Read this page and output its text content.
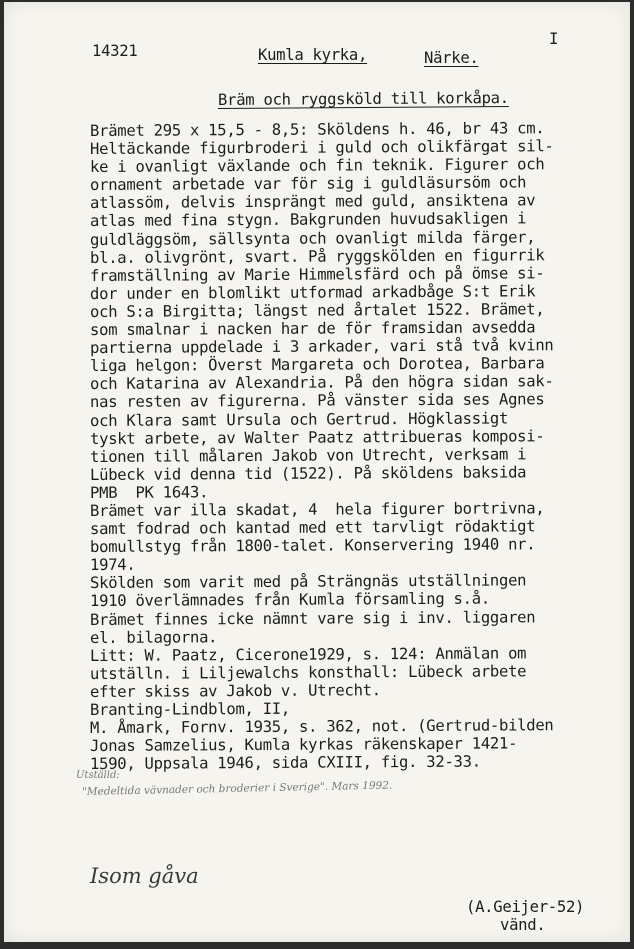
14321

I

Kumla kyrka,	Närke.

Bräm och ryggsköld till korkåpa.

Brämet 295 x 15,5 - 8,5: Sköldens h. 46, br 43 cm.
Heltäckande figurbroderi i guld och olikfärgat sil-
ke i ovanligt växlande och fin teknik. Figurer och
ornament arbetade var för sig i guldläsursöm och
atlassöm, delvis insprängt med guld, ansiktena av
atlas med fina stygn. Bakgrunden huvudsakligen i
guldläggsöm, sällsynta och ovanligt milda färger,
bl.a. olivgrönt, svart. På ryggskölden en figurrik
framställning av Marie Himmelsfärd och på ömse si-
dor under en blomlikt utformad arkadbåge S:t Erik
och S:a Birgitta; längst ned årtalet 1522. Brämet,
som smalnar i nacken har de för framsidan avsedda
partierna uppdelade i 3 arkader, vari stå två kvinn
liga helgon: Överst Margareta och Dorotea, Barbara
och Katarina av Alexandria. På den högra sidan sak-
nas resten av figurerna. På vänster sida ses Agnes
och Klara samt Ursula och Gertrud. Högklassigt
tyskt arbete, av Walter Paatz attribueras komposi-
tionen till målaren Jakob von Utrecht, verksam i
Lübeck vid denna tid (1522). På sköldens baksida
PMB  PK 1643.
Brämet var illa skadat, 4  hela figurer bortrivna,
samt fodrad och kantad med ett tarvligt rödaktigt
bomullstyg från 1800-talet. Konservering 1940 nr.
1974.
Skölden som varit med på Strängnäs utställningen
1910 överlämnades från Kumla församling s.å.
Brämet finnes icke nämnt vare sig i inv. liggaren
el. bilagorna.
Litt: W. Paatz, Cicerone1929, s. 124: Anmälan om
utställn. i Liljewalchs konsthall: Lübeck arbete
efter skiss av Jakob v. Utrecht.
Branting-Lindblom, II,
M. Åmark, Fornv. 1935, s. 362, not. (Gertrud-bilden
Jonas Samzelius, Kumla kyrkas räkenskaper 1421-
1590, Uppsala 1946, sida CXIII, fig. 32-33.

Utställd:

"Medeltida vävnader och broderier i Sverige". Mars 1992.

Isom gåva

(A.Geijer-52)

vänd.
